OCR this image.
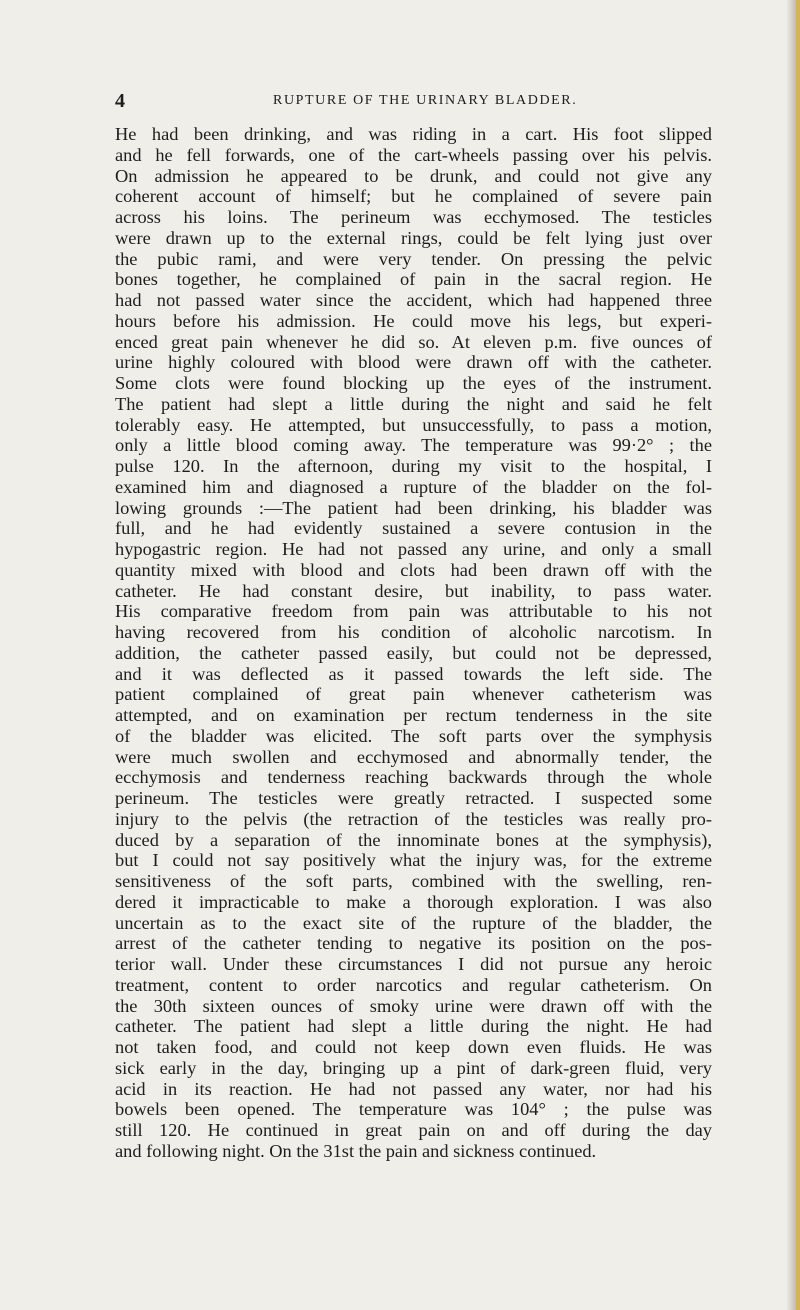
4	RUPTURE OF THE URINARY BLADDER.
He had been drinking, and was riding in a cart. His foot slipped
and he fell forwards, one of the cart-wheels passing over his pelvis.
On admission he appeared to be drunk, and could not give any
coherent account of himself; but he complained of severe pain
across his loins. The perineum was ecchymosed. The testicles
were drawn up to the external rings, could be felt lying just over
the pubic rami, and were very tender. On pressing the pelvic
bones together, he complained of pain in the sacral region. He
had not passed water since the accident, which had happened three
hours before his admission. He could move his legs, but experi-
enced great pain whenever he did so. At eleven p.m. five ounces of
urine highly coloured with blood were drawn off with the catheter.
Some clots were found blocking up the eyes of the instrument.
The patient had slept a little during the night and said he felt
tolerably easy. He attempted, but unsuccessfully, to pass a motion,
only a little blood coming away. The temperature was 99·2° ; the
pulse 120. In the afternoon, during my visit to the hospital, I
examined him and diagnosed a rupture of the bladder on the fol-
lowing grounds :—The patient had been drinking, his bladder was
full, and he had evidently sustained a severe contusion in the
hypogastric region. He had not passed any urine, and only a small
quantity mixed with blood and clots had been drawn off with the
catheter. He had constant desire, but inability, to pass water.
His comparative freedom from pain was attributable to his not
having recovered from his condition of alcoholic narcotism. In
addition, the catheter passed easily, but could not be depressed,
and it was deflected as it passed towards the left side. The
patient complained of great pain whenever catheterism was
attempted, and on examination per rectum tenderness in the site
of the bladder was elicited. The soft parts over the symphysis
were much swollen and ecchymosed and abnormally tender, the
ecchymosis and tenderness reaching backwards through the whole
perineum. The testicles were greatly retracted. I suspected some
injury to the pelvis (the retraction of the testicles was really pro-
duced by a separation of the innominate bones at the symphysis),
but I could not say positively what the injury was, for the extreme
sensitiveness of the soft parts, combined with the swelling, ren-
dered it impracticable to make a thorough exploration. I was also
uncertain as to the exact site of the rupture of the bladder, the
arrest of the catheter tending to negative its position on the pos-
terior wall. Under these circumstances I did not pursue any heroic
treatment, content to order narcotics and regular catheterism. On
the 30th sixteen ounces of smoky urine were drawn off with the
catheter. The patient had slept a little during the night. He had
not taken food, and could not keep down even fluids. He was
sick early in the day, bringing up a pint of dark-green fluid, very
acid in its reaction. He had not passed any water, nor had his
bowels been opened. The temperature was 104° ; the pulse was
still 120. He continued in great pain on and off during the day
and following night. On the 31st the pain and sickness continued.
